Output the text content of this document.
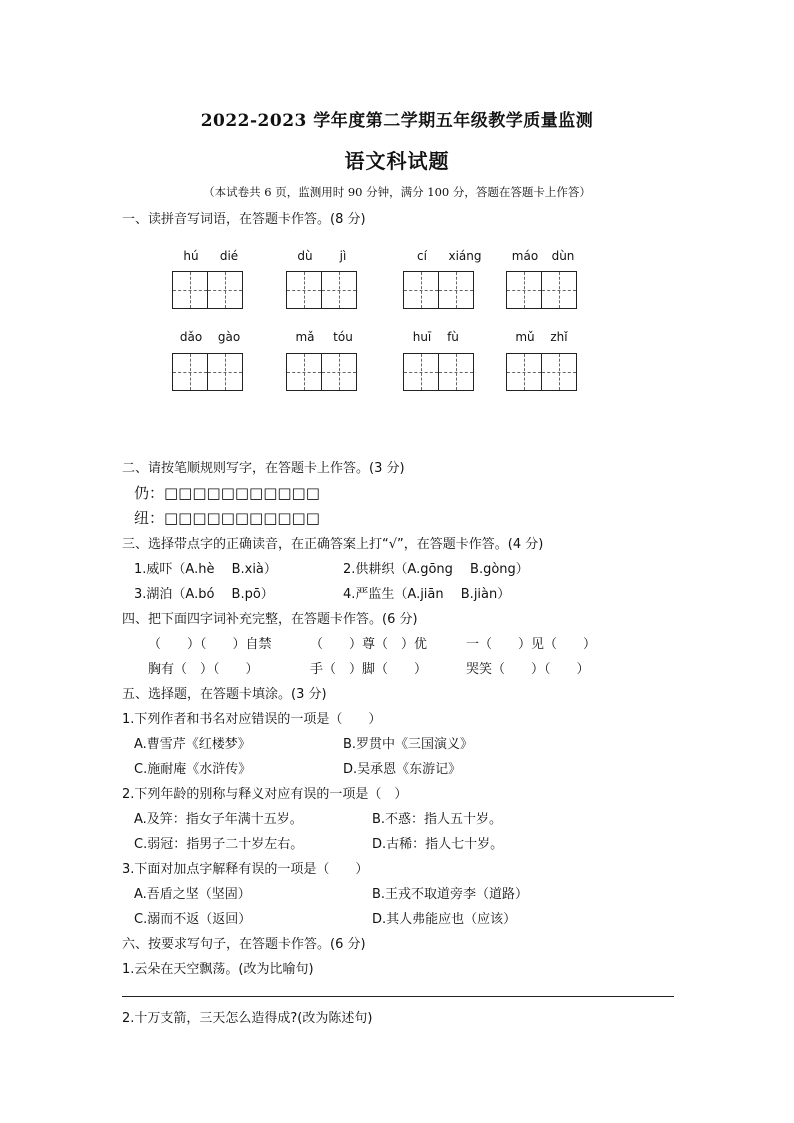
2022-2023 学年度第二学期五年级教学质量监测
语文科试题
（本试卷共 6 页，监测用时 90 分钟，满分 100 分，答题在答题卡上作答）
一、读拼音写词语，在答题卡作答。(8 分)
hú	dié	dù	jì	cí	xiáng	máo	dùn
dǎo	gào	mǎ	tóu	huī	fù	mǔ	zhǐ
二、请按笔顺规则写字，在答题卡上作答。(3 分)
仍：□□□□□□□□□□□
纽：□□□□□□□□□□□
三、选择带点字的正确读音，在正确答案上打“√”，在答题卡作答。(4 分)
1.威吓（A.hè　 B.xià）	2.供耕织（A.gōng　 B.gòng）
3.湖泊（A.bó　 B.pō）	4.严监生（A.jiān　 B.jiàn）
四、把下面四字词补充完整，在答题卡作答。(6 分)
（　　）（　　）自禁	（　　）尊（　）优	一（　　）见（　　）
胸有（　）（　　）	手（　）脚（　　）	哭笑（　　）（　　）
五、选择题，在答题卡填涂。(3 分)
1.下列作者和书名对应错误的一项是（　　）
A.曹雪芹《红楼梦》	B.罗贯中《三国演义》
C.施耐庵《水浒传》	D.吴承恩《东游记》
2.下列年龄的别称与释义对应有误的一项是（　）
A.及笄：指女子年满十五岁。	B.不惑：指人五十岁。
C.弱冠：指男子二十岁左右。	D.古稀：指人七十岁。
3.下面对加点字解释有误的一项是（　　）
A.吾盾之坚（坚固）	B.王戎不取道旁李（道路）
C.溺而不返（返回）	D.其人弗能应也（应该）
六、按要求写句子，在答题卡作答。(6 分)
1.云朵在天空飘荡。(改为比喻句)
2.十万支箭，三天怎么造得成?(改为陈述句)
